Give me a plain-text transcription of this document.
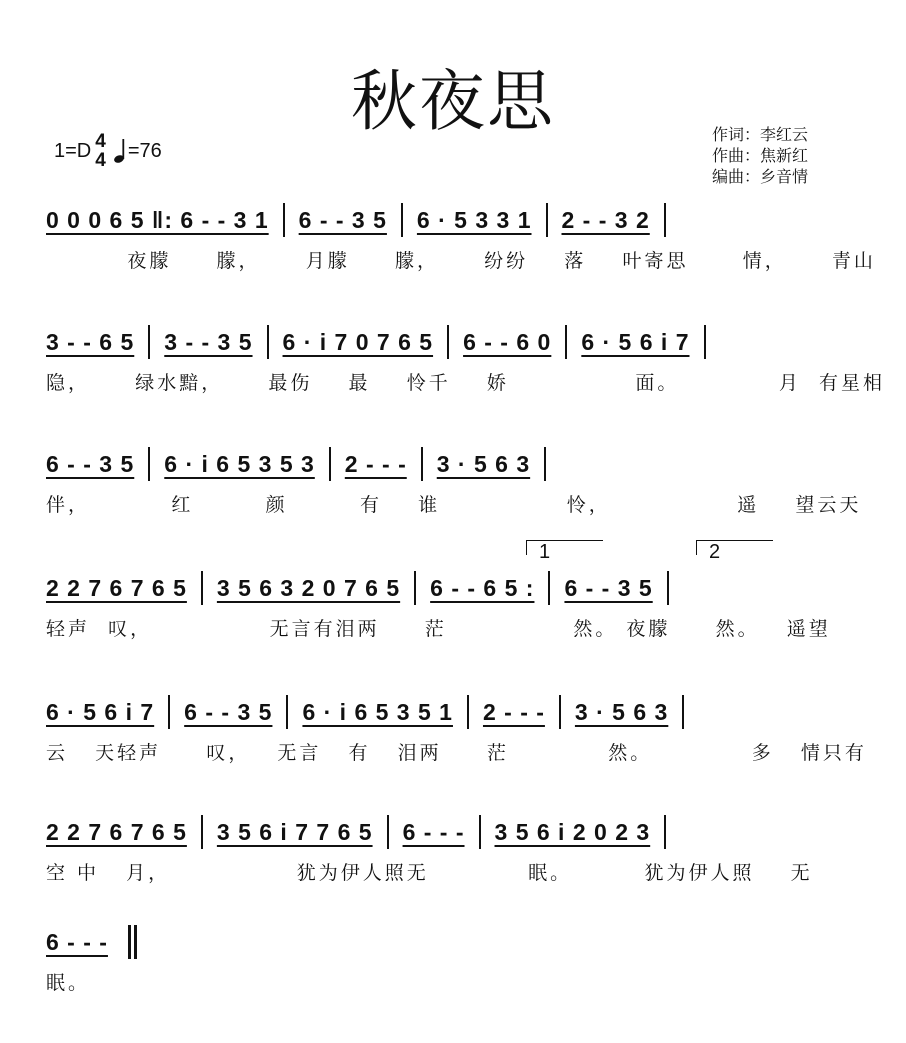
秋夜思
1=D 4
4 =76
作词：李红云
作曲：焦新红
编曲：乡音情
0 0 0 6 5 ‖: 6 - - 3 1 6 - - 3 5 6 · 5 3 3 1 2 - - 3 2
夜朦     朦，     月朦     朦，     纷纷    落    叶寄思      情，     青山
3 - - 6 5 3 - - 3 5 6 · i 7 0 7 6 5 6 - - 6 0 6 · 5 6 i 7
隐，     绿水黯，     最伤    最    怜千    娇              面。           月  有星相
6 - - 3 5 6 · i 6 5 3 5 3 2 - - - 3 · 5 6 3
伴，         红        颜        有    谁              怜，              遥    望云天
2 2 7 6 7 6 5 3 5 6 3 2 0 7 6 5 6 - - 6 5 : 6 - - 3 5
轻声  叹，             无言有泪两     茫              然。 夜朦     然。   遥望
1	2
6 · 5 6 i 7 6 - - 3 5 6 · i 6 5 3 5 1 2 - - - 3 · 5 6 3
云   天轻声     叹，   无言   有   泪两     茫           然。           多   情只有
2 2 7 6 7 6 5 3 5 6 i 7 7 6 5 6 - - - 3 5 6 i 2 0 2 3
空 中   月，              犹为伊人照无           眠。        犹为伊人照    无
6 - - -
眠。
